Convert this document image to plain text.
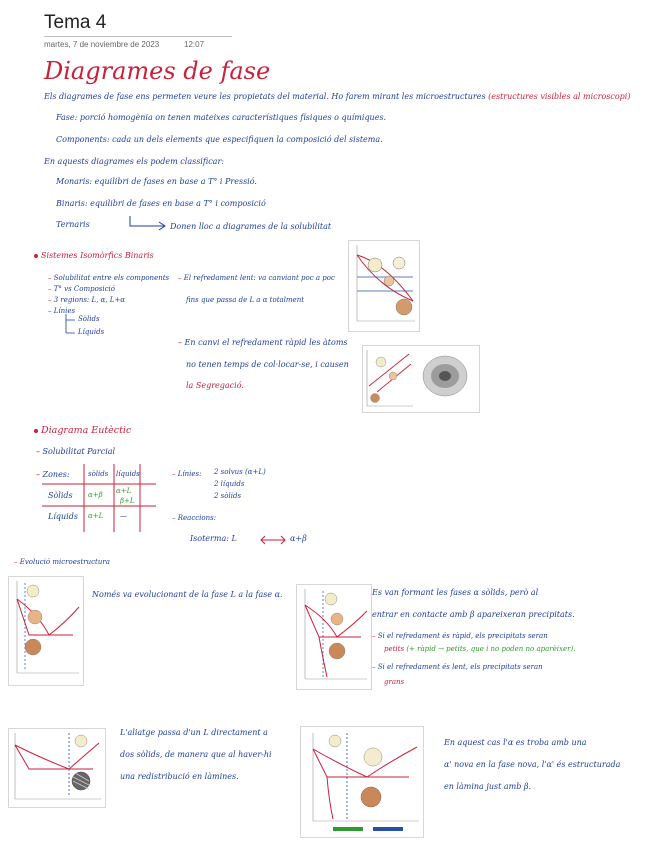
Tema 4
martes, 7 de noviembre de 2023	12:07
Diagrames de fase
Els diagrames de fase ens permeten veure les propietats del material. Ho farem mirant les microestructures (estructures visibles al microscopi)
Fase: porció homogènia on tenen mateixes característiques físiques o químiques.
Components: cada un dels elements que especifiquen la composició del sistema.
En aquests diagrames els podem classificar:
Monaris: equilibri de fases en base a T° i Pressió.
Binaris: equilibri de fases en base a T° i composició
Ternaris	Donen lloc a diagrames de la solubilitat
Sistemes Isomòrfics Binaris
– Solubilitat entre els components
– T° vs Composició
– 3 regions: L, α, L+α
– Línies
Sòlids
Líquids
– El refredament lent: va canviant poc a poc
fins que passa de L a α totalment
– En canvi el refredament ràpid les àtoms
no tenen temps de col·locar-se, i causen
la Segregació.
Diagrama Eutèctic
– Solubilitat Parcial
– Zones:	sòlids líquids
Sòlids α+β α+L
β+L
Líquids α+L —
– Línies: 2 solvus (α+L)
2 líquids
2 sòlids
– Reaccions:
Isoterma: L	α+β
– Evolució microestructura
Només va evolucionant de la fase L a la fase α.	Es van formant les fases α sòlids, però al
entrar en contacte amb β apareixeran precipitats.
– Si el refredament és ràpid, els precipitats seran
petits (+ ràpid → petits, que i no poden no aparèixer).
– Si el refredament és lent, els precipitats seran
grans
L'aliatge passa d'un L directament a
dos sòlids, de manera que al haver-hi
una redistribució en làmines.
En aquest cas l'α es troba amb una
α' nova en la fase nova, l'α' és estructurada
en làmina just amb β.
